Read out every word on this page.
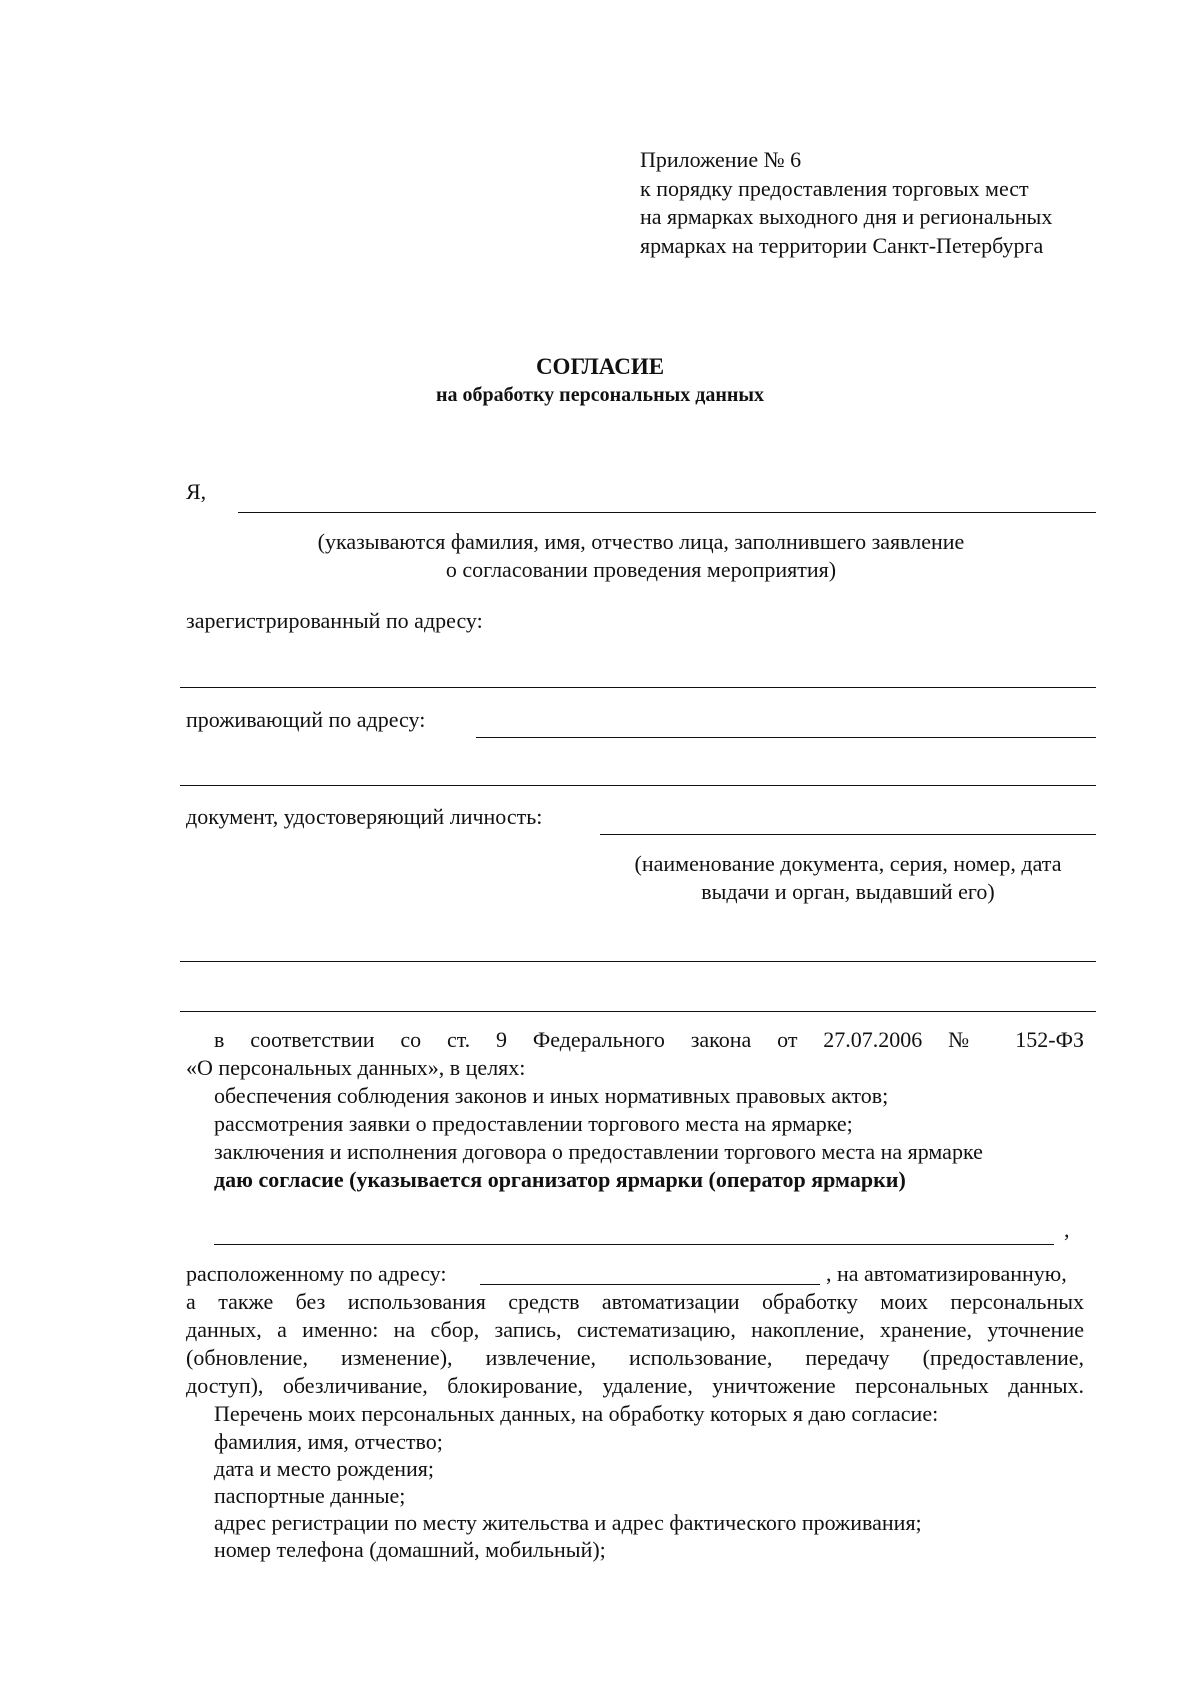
Приложение № 6
к порядку предоставления торговых мест
на ярмарках выходного дня и региональных
ярмарках на территории Санкт-Петербурга
СОГЛАСИЕ
на обработку персональных данных
Я,
(указываются фамилия, имя, отчество лица, заполнившего заявление
о согласовании проведения мероприятия)
зарегистрированный по адресу:
проживающий по адресу:
документ, удостоверяющий личность:
(наименование документа, серия, номер, дата
выдачи и орган, выдавший его)
в соответствии со ст. 9 Федерального закона от 27.07.2006 № 152-ФЗ
«О персональных данных», в целях:
обеспечения соблюдения законов и иных нормативных правовых актов;
рассмотрения заявки о предоставлении торгового места на ярмарке;
заключения и исполнения договора о предоставлении торгового места на ярмарке
даю согласие (указывается организатор ярмарки (оператор ярмарки)
,
расположенному по адресу:	, на автоматизированную,
а также без использования средств автоматизации обработку моих персональных
данных, а именно: на сбор, запись, систематизацию, накопление, хранение, уточнение
(обновление, изменение), извлечение, использование, передачу (предоставление,
доступ), обезличивание, блокирование, удаление, уничтожение персональных данных.
Перечень моих персональных данных, на обработку которых я даю согласие:
фамилия, имя, отчество;
дата и место рождения;
паспортные данные;
адрес регистрации по месту жительства и адрес фактического проживания;
номер телефона (домашний, мобильный);
